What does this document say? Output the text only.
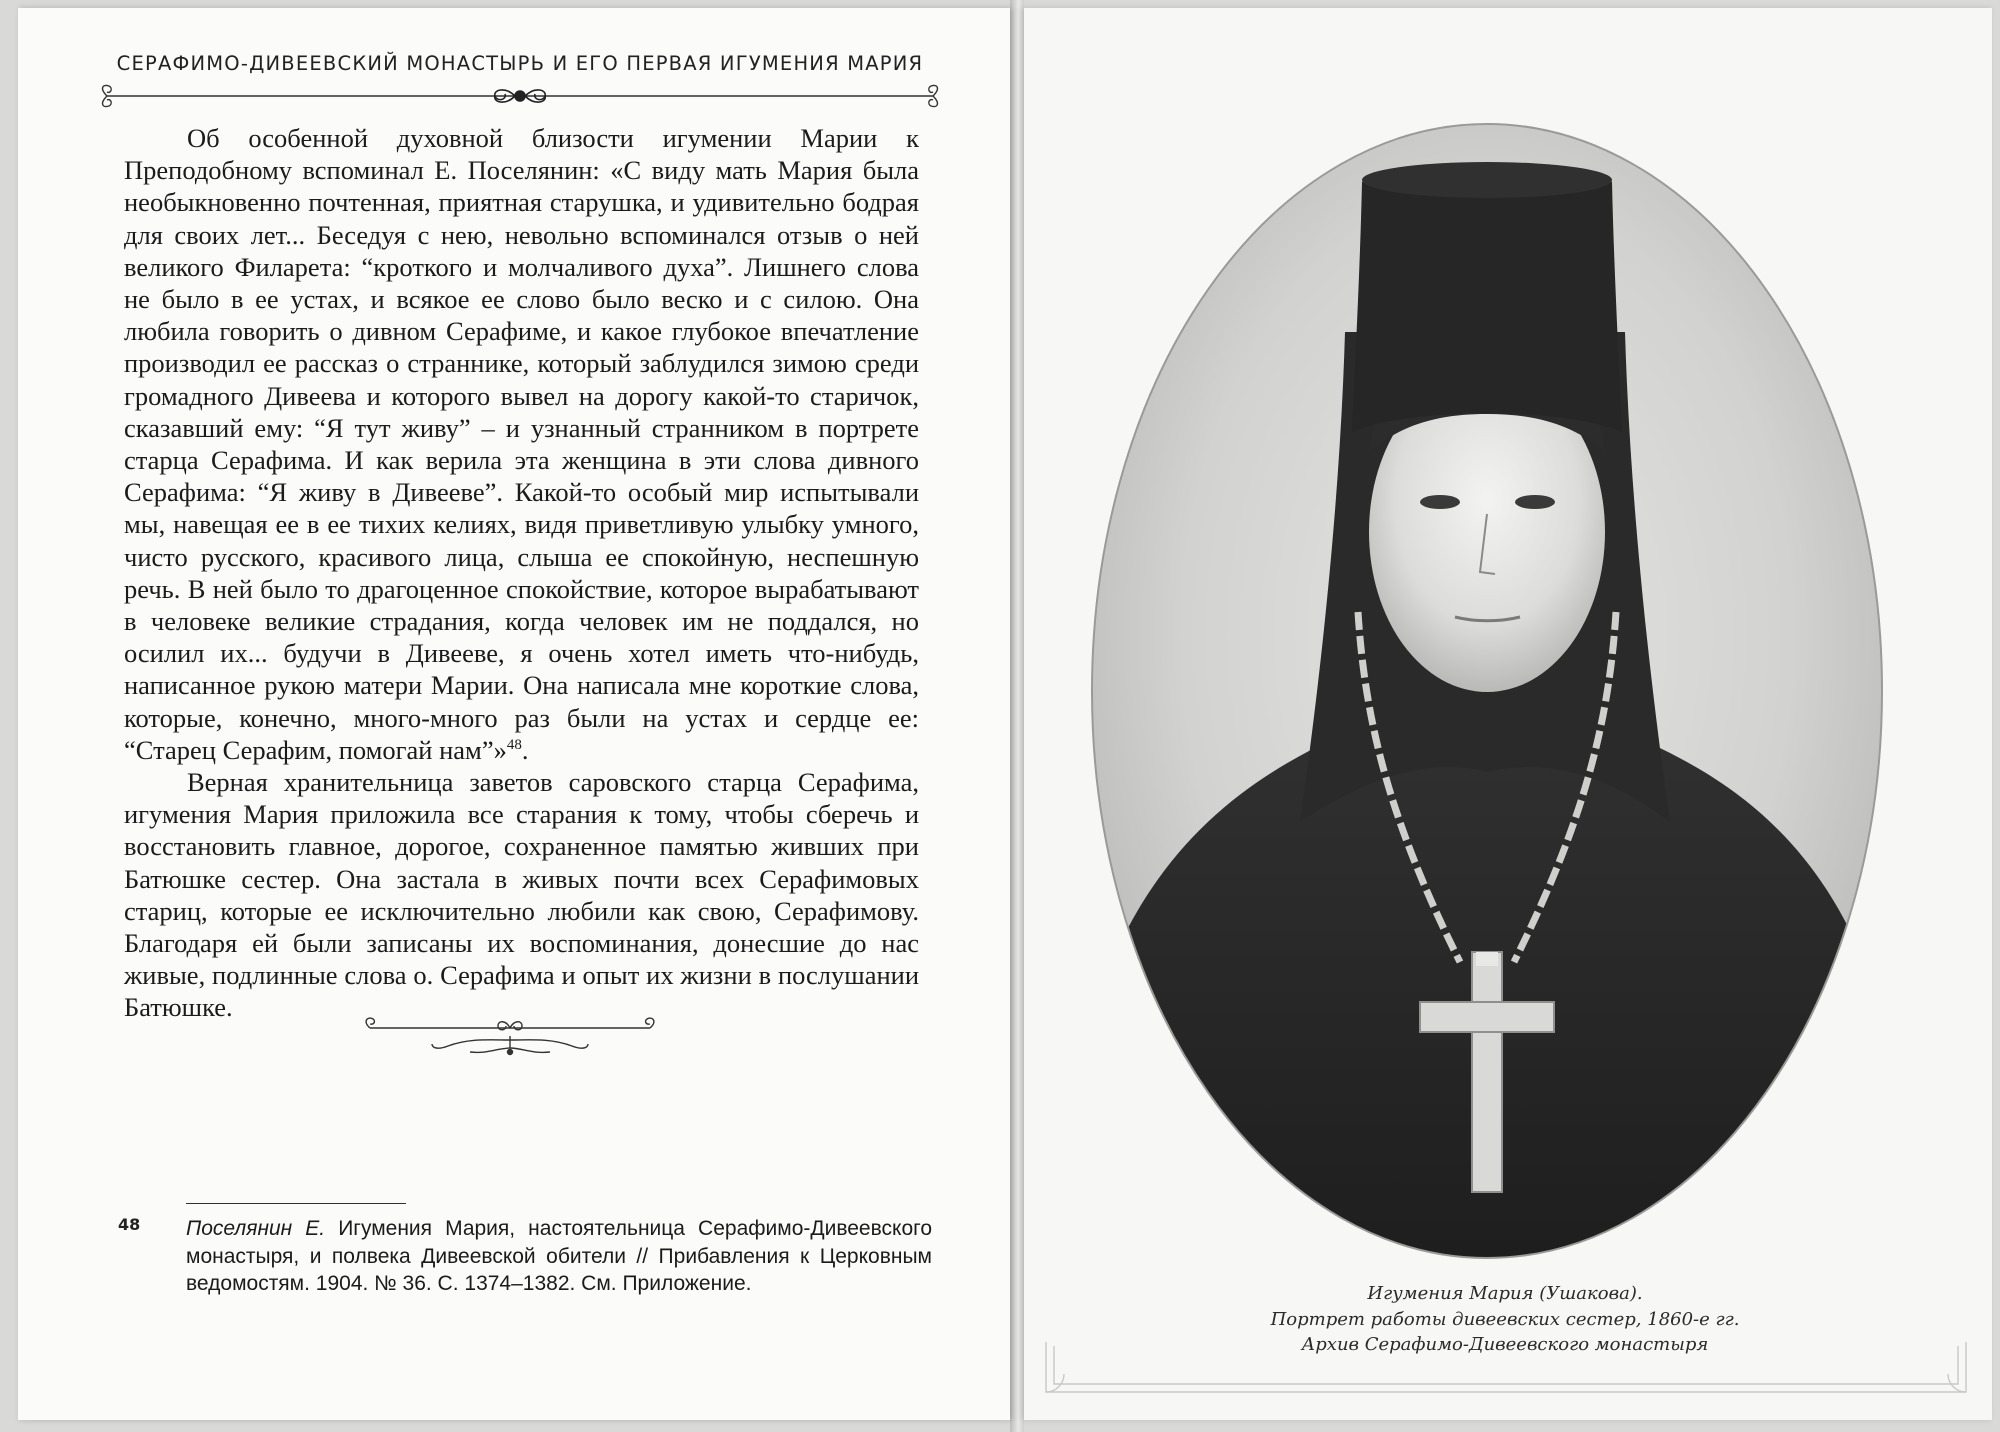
СЕРАФИМО-ДИВЕЕВСКИЙ МОНАСТЫРЬ И ЕГО ПЕРВАЯ ИГУМЕНИЯ МАРИЯ

Об особенной духовной близости игумении Марии к Преподобному вспоминал Е. Поселянин: «С виду мать Мария была необыкновенно почтенная, приятная старушка, и удивительно бодрая для своих лет... Беседуя с нею, невольно вспоминался отзыв о ней великого Филарета: “кроткого и молчаливого духа”. Лишнего слова не было в ее устах, и всякое ее слово было веско и с силою. Она любила говорить о дивном Серафиме, и какое глубокое впечатление производил ее рассказ о страннике, который заблудился зимою среди громадного Дивеева и которого вывел на дорогу какой-то старичок, сказавший ему: “Я тут живу” – и узнанный странником в портрете старца Серафима. И как верила эта женщина в эти слова дивного Серафима: “Я живу в Дивееве”. Какой-то особый мир испытывали мы, навещая ее в ее тихих келиях, видя приветливую улыбку умного, чисто русского, красивого лица, слыша ее спокойную, неспешную речь. В ней было то драгоценное спокойствие, которое вырабатывают в человеке великие страдания, когда человек им не поддался, но осилил их... будучи в Дивееве, я очень хотел иметь что-нибудь, написанное рукою матери Марии. Она написала мне короткие слова, которые, конечно, много-много раз были на устах и сердце ее: “Старец Серафим, помогай нам”»$^{48}$.

Верная хранительница заветов саровского старца Серафима, игумения Мария приложила все старания к тому, чтобы сберечь и восстановить главное, дорогое, сохраненное памятью живших при Батюшке сестер. Она застала в живых почти всех Серафимовых стариц, которые ее исключительно любили как свою, Серафимову. Благодаря ей были записаны их воспоминания, донесшие до нас живые, подлинные слова о. Серафима и опыт их жизни в послушании Батюшке.

48 Поселянин Е. Игумения Мария, настоятельница Серафимо-Дивеевского монастыря, и полвека Дивеевской обители // Прибавления к Церковным ведомостям. 1904. № 36. С. 1374–1382. См. Приложение.	Игумения Мария (Ушакова).
Портрет работы дивеевских сестер, 1860-е гг.
Архив Серафимо-Дивеевского монастыря
